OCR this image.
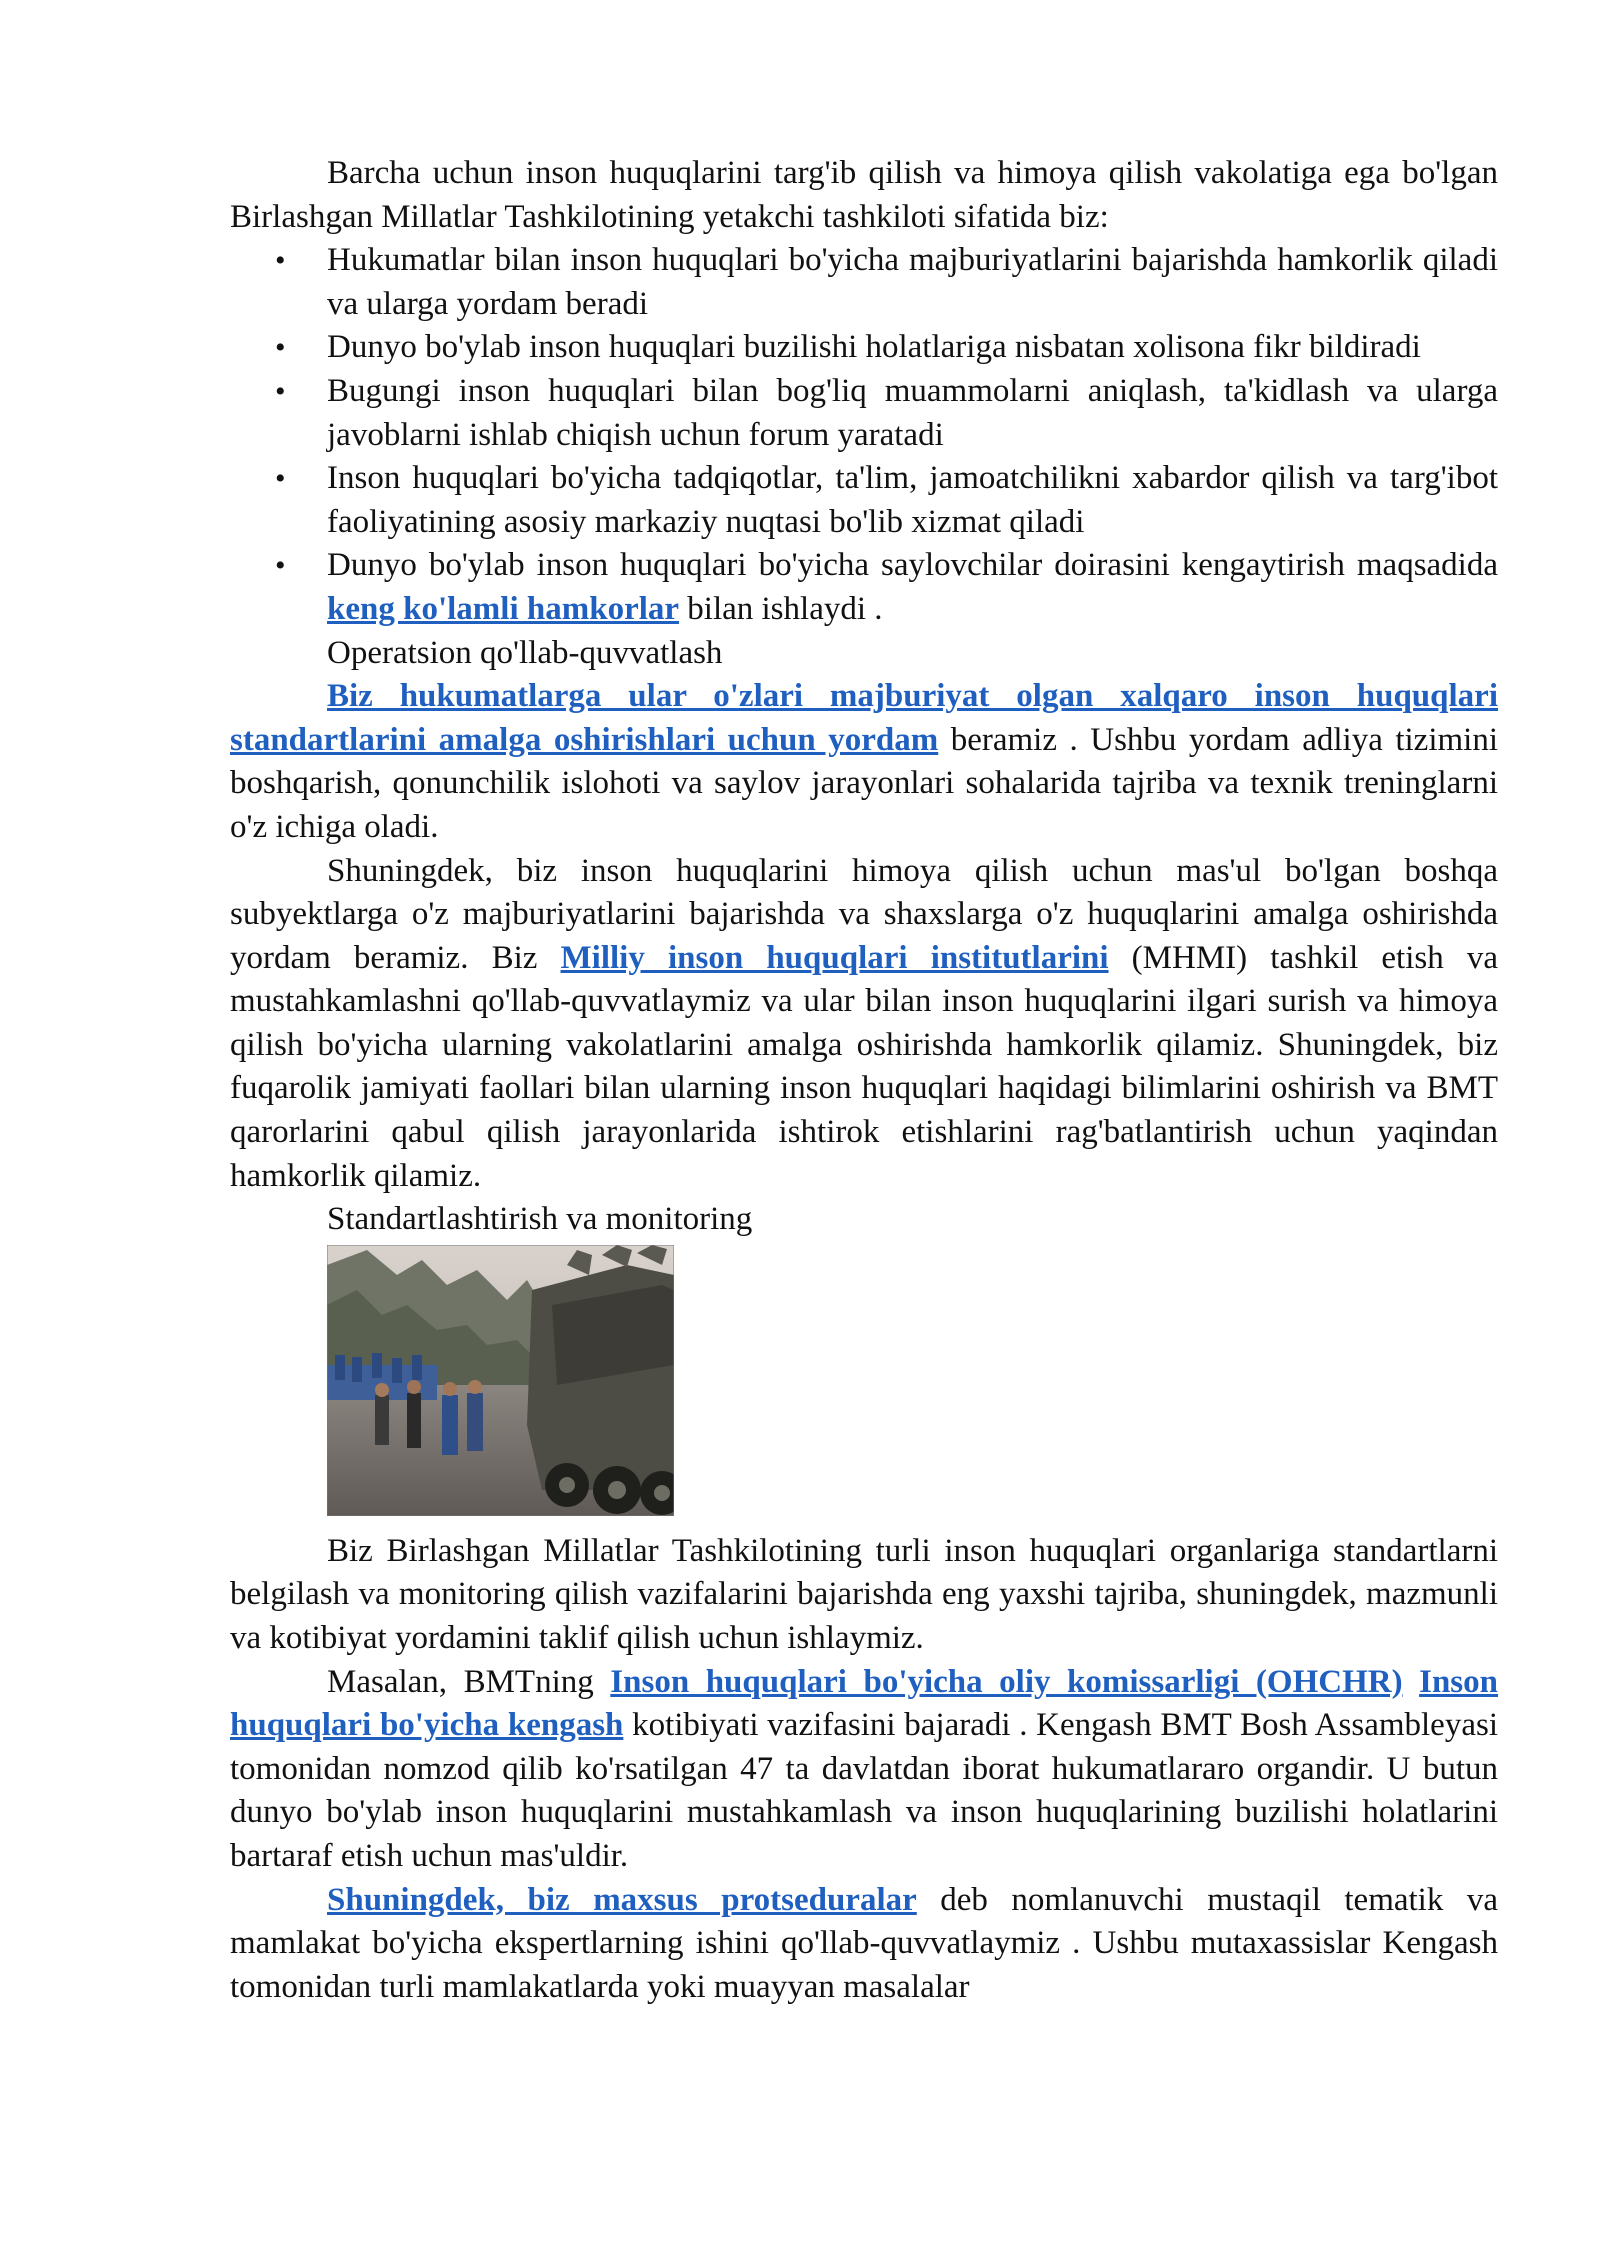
Barcha uchun inson huquqlarini targ'ib qilish va himoya qilish vakolatiga ega bo'lgan Birlashgan Millatlar Tashkilotining yetakchi tashkiloti sifatida biz:

• Hukumatlar bilan inson huquqlari bo'yicha majburiyatlarini bajarishda hamkorlik qiladi va ularga yordam beradi
• Dunyo bo'ylab inson huquqlari buzilishi holatlariga nisbatan xolisona fikr bildiradi
• Bugungi inson huquqlari bilan bog'liq muammolarni aniqlash, ta'kidlash va ularga javoblarni ishlab chiqish uchun forum yaratadi
• Inson huquqlari bo'yicha tadqiqotlar, ta'lim, jamoatchilikni xabardor qilish va targ'ibot faoliyatining asosiy markaziy nuqtasi bo'lib xizmat qiladi
• Dunyo bo'ylab inson huquqlari bo'yicha saylovchilar doirasini kengaytirish maqsadida keng ko'lamli hamkorlar bilan ishlaydi .

Operatsion qo'llab-quvvatlash

Biz hukumatlarga ular o'zlari majburiyat olgan xalqaro inson huquqlari standartlarini amalga oshirishlari uchun yordam beramiz . Ushbu yordam adliya tizimini boshqarish, qonunchilik islohoti va saylov jarayonlari sohalarida tajriba va texnik treninglarni o'z ichiga oladi.

Shuningdek, biz inson huquqlarini himoya qilish uchun mas'ul bo'lgan boshqa subyektlarga o'z majburiyatlarini bajarishda va shaxslarga o'z huquqlarini amalga oshirishda yordam beramiz. Biz Milliy inson huquqlari institutlarini (MHMI) tashkil etish va mustahkamlashni qo'llab-quvvatlaymiz va ular bilan inson huquqlarini ilgari surish va himoya qilish bo'yicha ularning vakolatlarini amalga oshirishda hamkorlik qilamiz. Shuningdek, biz fuqarolik jamiyati faollari bilan ularning inson huquqlari haqidagi bilimlarini oshirish va BMT qarorlarini qabul qilish jarayonlarida ishtirok etishlarini rag'batlantirish uchun yaqindan hamkorlik qilamiz.

Standartlashtirish va monitoring

Biz Birlashgan Millatlar Tashkilotining turli inson huquqlari organlariga standartlarni belgilash va monitoring qilish vazifalarini bajarishda eng yaxshi tajriba, shuningdek, mazmunli va kotibiyat yordamini taklif qilish uchun ishlaymiz.

Masalan, BMTning Inson huquqlari bo'yicha oliy komissarligi (OHCHR) Inson huquqlari bo'yicha kengash kotibiyati vazifasini bajaradi . Kengash BMT Bosh Assambleyasi tomonidan nomzod qilib ko'rsatilgan 47 ta davlatdan iborat hukumatlararo organdir. U butun dunyo bo'ylab inson huquqlarini mustahkamlash va inson huquqlarining buzilishi holatlarini bartaraf etish uchun mas'uldir.

Shuningdek, biz maxsus protseduralar deb nomlanuvchi mustaqil tematik va mamlakat bo'yicha ekspertlarning ishini qo'llab-quvvatlaymiz . Ushbu mutaxassislar Kengash tomonidan turli mamlakatlarda yoki muayyan masalalar
